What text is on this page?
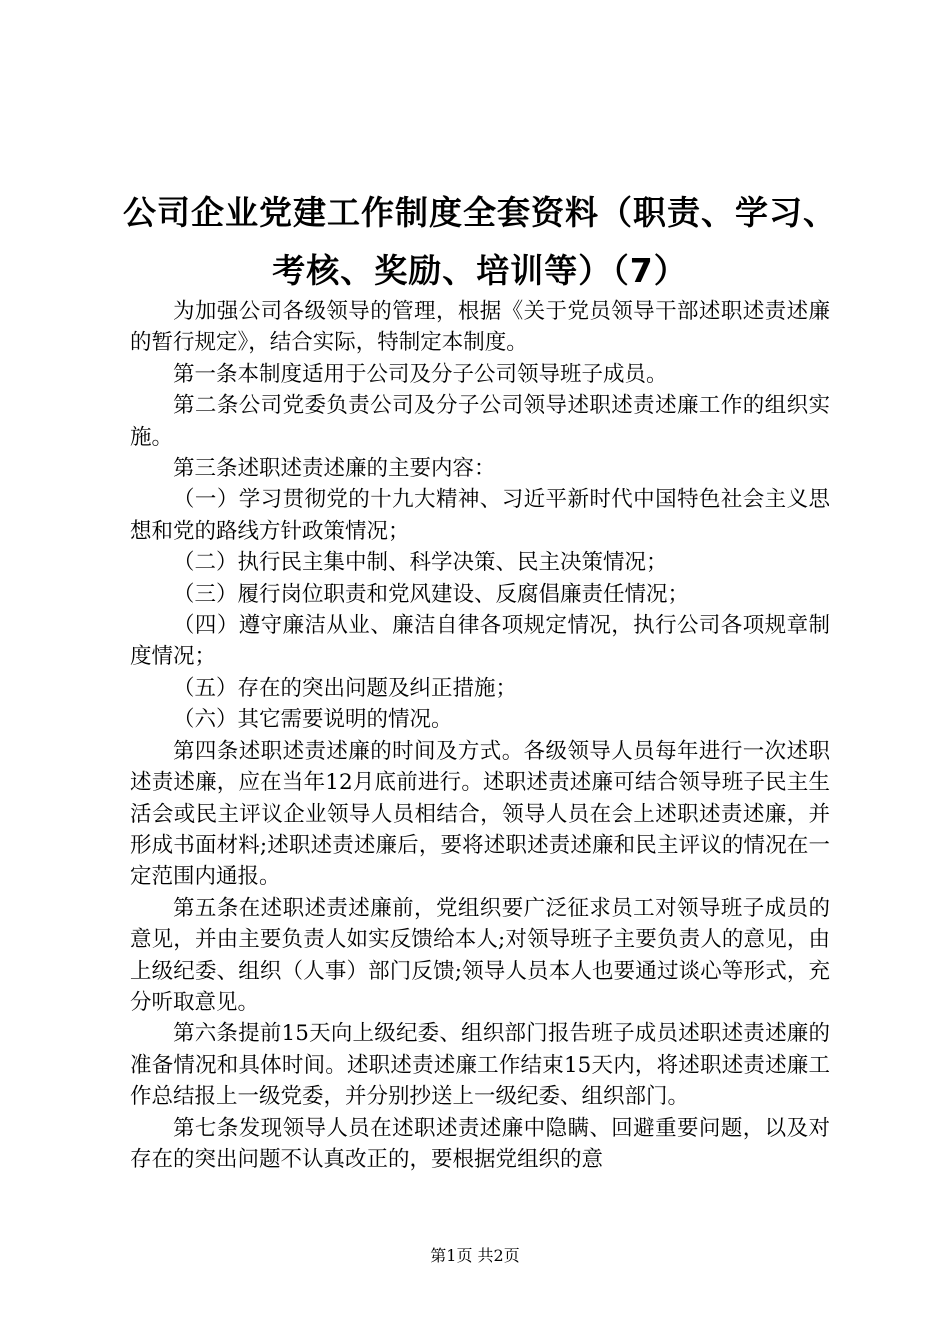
公司企业党建工作制度全套资料（职责、学习、
考核、奖励、培训等）（7）

为加强公司各级领导的管理，根据《关于党员领导干部述职述责述廉的暂行规定》，结合实际，特制定本制度。

第一条本制度适用于公司及分子公司领导班子成员。

第二条公司党委负责公司及分子公司领导述职述责述廉工作的组织实施。

第三条述职述责述廉的主要内容：

（一）学习贯彻党的十九大精神、习近平新时代中国特色社会主义思想和党的路线方针政策情况；

（二）执行民主集中制、科学决策、民主决策情况；

（三）履行岗位职责和党风建设、反腐倡廉责任情况；

（四）遵守廉洁从业、廉洁自律各项规定情况，执行公司各项规章制度情况；

（五）存在的突出问题及纠正措施；

（六）其它需要说明的情况。

第四条述职述责述廉的时间及方式。各级领导人员每年进行一次述职述责述廉，应在当年12月底前进行。述职述责述廉可结合领导班子民主生活会或民主评议企业领导人员相结合，领导人员在会上述职述责述廉，并形成书面材料;述职述责述廉后，要将述职述责述廉和民主评议的情况在一定范围内通报。

第五条在述职述责述廉前，党组织要广泛征求员工对领导班子成员的意见，并由主要负责人如实反馈给本人;对领导班子主要负责人的意见，由上级纪委、组织（人事）部门反馈;领导人员本人也要通过谈心等形式，充分听取意见。

第六条提前15天向上级纪委、组织部门报告班子成员述职述责述廉的准备情况和具体时间。述职述责述廉工作结束15天内，将述职述责述廉工作总结报上一级党委，并分别抄送上一级纪委、组织部门。

第七条发现领导人员在述职述责述廉中隐瞒、回避重要问题，以及对存在的突出问题不认真改正的，要根据党组织的意

第1页 共2页
